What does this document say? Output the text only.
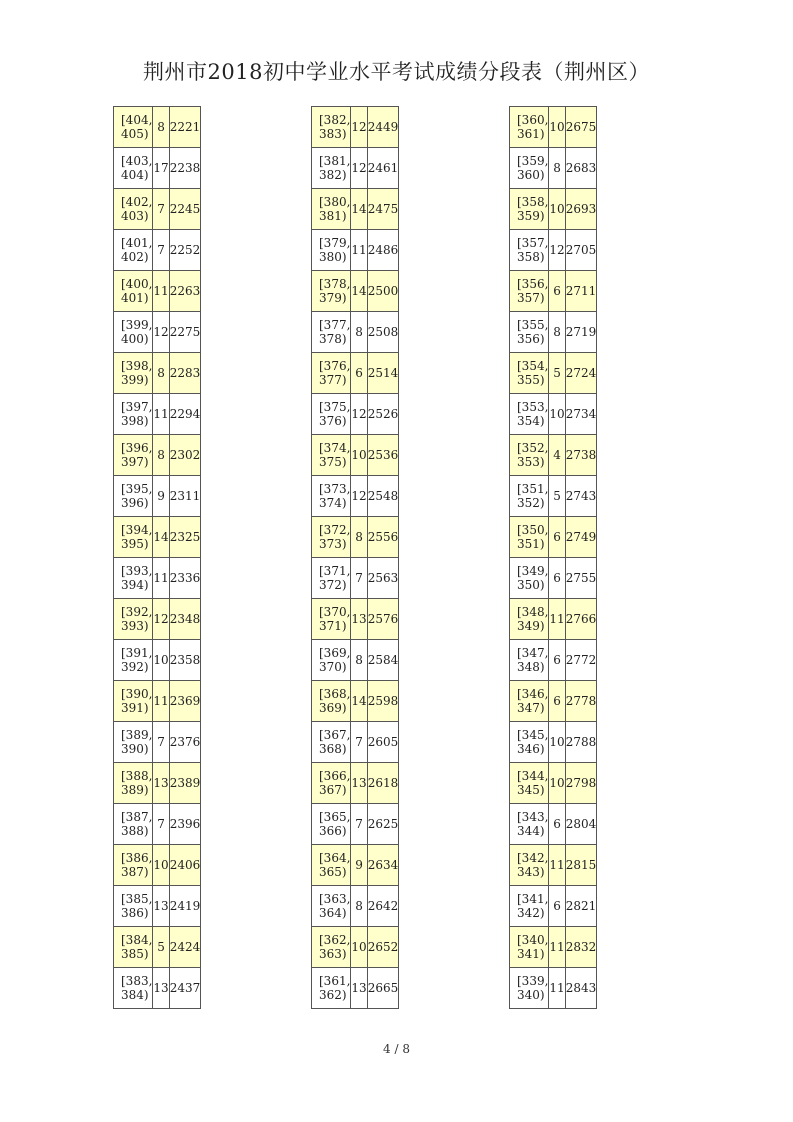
荆州市2018初中学业水平考试成绩分段表（荆州区）
[404, 405)	8	2221
[403, 404)	17	2238
[402, 403)	7	2245
[401, 402)	7	2252
[400, 401)	11	2263
[399, 400)	12	2275
[398, 399)	8	2283
[397, 398)	11	2294
[396, 397)	8	2302
[395, 396)	9	2311
[394, 395)	14	2325
[393, 394)	11	2336
[392, 393)	12	2348
[391, 392)	10	2358
[390, 391)	11	2369
[389, 390)	7	2376
[388, 389)	13	2389
[387, 388)	7	2396
[386, 387)	10	2406
[385, 386)	13	2419
[384, 385)	5	2424
[383, 384)	13	2437
[382, 383)	12	2449
[381, 382)	12	2461
[380, 381)	14	2475
[379, 380)	11	2486
[378, 379)	14	2500
[377, 378)	8	2508
[376, 377)	6	2514
[375, 376)	12	2526
[374, 375)	10	2536
[373, 374)	12	2548
[372, 373)	8	2556
[371, 372)	7	2563
[370, 371)	13	2576
[369, 370)	8	2584
[368, 369)	14	2598
[367, 368)	7	2605
[366, 367)	13	2618
[365, 366)	7	2625
[364, 365)	9	2634
[363, 364)	8	2642
[362, 363)	10	2652
[361, 362)	13	2665
[360, 361)	10	2675
[359, 360)	8	2683
[358, 359)	10	2693
[357, 358)	12	2705
[356, 357)	6	2711
[355, 356)	8	2719
[354, 355)	5	2724
[353, 354)	10	2734
[352, 353)	4	2738
[351, 352)	5	2743
[350, 351)	6	2749
[349, 350)	6	2755
[348, 349)	11	2766
[347, 348)	6	2772
[346, 347)	6	2778
[345, 346)	10	2788
[344, 345)	10	2798
[343, 344)	6	2804
[342, 343)	11	2815
[341, 342)	6	2821
[340, 341)	11	2832
[339, 340)	11	2843
4 / 8
